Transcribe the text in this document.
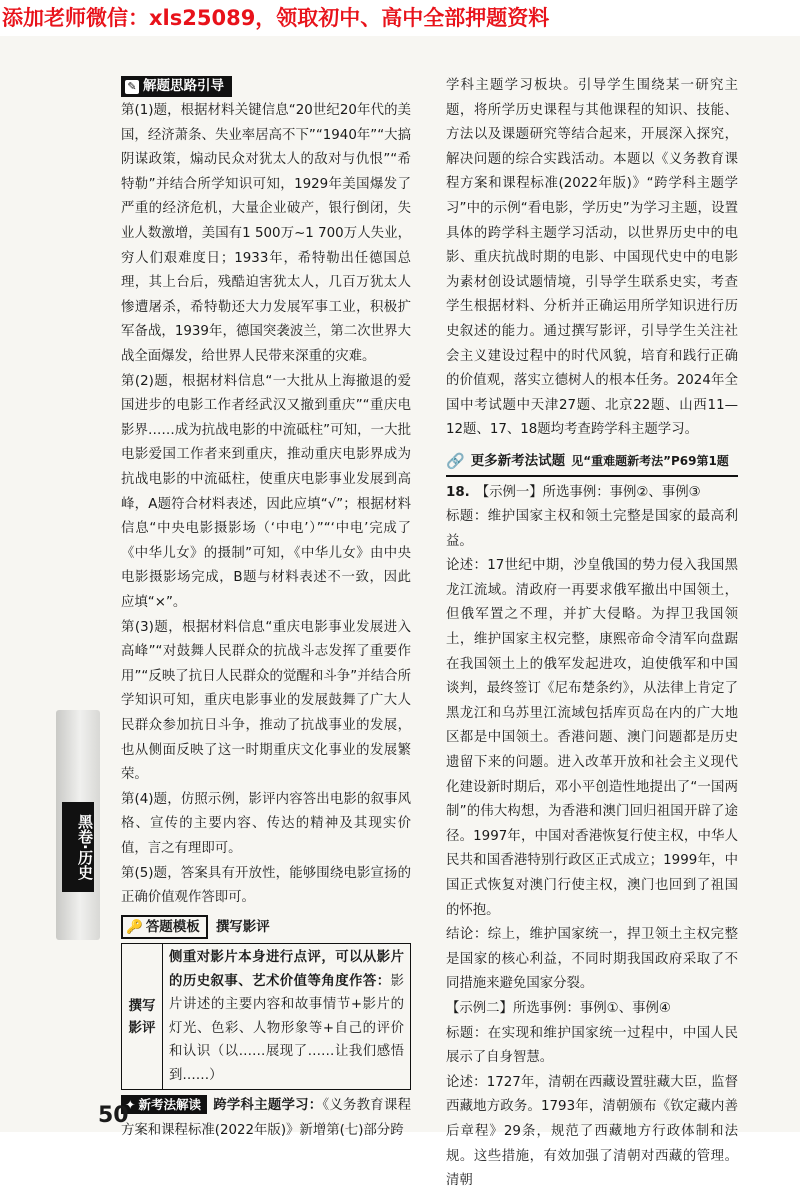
添加老师微信：xls25089，领取初中、高中全部押题资料
✎ 解题思路引导

第(1)题，根据材料关键信息“20世纪20年代的美国，经济萧条、失业率居高不下”“1940年”“大搞阴谋政策，煽动民众对犹太人的敌对与仇恨”“希特勒”并结合所学知识可知，1929年美国爆发了严重的经济危机，大量企业破产，银行倒闭，失业人数激增，美国有1 500万~1 700万人失业，穷人们艰难度日；1933年，希特勒出任德国总理，其上台后，残酷迫害犹太人，几百万犹太人惨遭屠杀，希特勒还大力发展军事工业，积极扩军备战，1939年，德国突袭波兰，第二次世界大战全面爆发，给世界人民带来深重的灾难。

第(2)题，根据材料信息“一大批从上海撤退的爱国进步的电影工作者经武汉又撤到重庆”“重庆电影界……成为抗战电影的中流砥柱”可知，一大批电影爱国工作者来到重庆，推动重庆电影界成为抗战电影的中流砥柱，使重庆电影事业发展到高峰，A题符合材料表述，因此应填“√”；根据材料信息“中央电影摄影场（‘中电’）”“‘中电’完成了《中华儿女》的摄制”可知，《中华儿女》由中央电影摄影场完成，B题与材料表述不一致，因此应填“×”。

第(3)题，根据材料信息“重庆电影事业发展进入高峰”“对鼓舞人民群众的抗战斗志发挥了重要作用”“反映了抗日人民群众的觉醒和斗争”并结合所学知识可知，重庆电影事业的发展鼓舞了广大人民群众参加抗日斗争，推动了抗战事业的发展，也从侧面反映了这一时期重庆文化事业的发展繁荣。

第(4)题，仿照示例，影评内容答出电影的叙事风格、宣传的主要内容、传达的精神及其现实价值，言之有理即可。

第(5)题，答案具有开放性，能够围绕电影宣扬的正确价值观作答即可。

🔑 答题模板 撰写影评
撰写影评
侧重对影片本身进行点评，可以从影片的历史叙事、艺术价值等角度作答：影片讲述的主要内容和故事情节+影片的灯光、色彩、人物形象等+自己的评价和认识（以……展现了……让我们感悟到……）

✦ 新考法解读 跨学科主题学习：《义务教育课程方案和课程标准(2022年版)》新增第(七)部分跨

学科主题学习板块。引导学生围绕某一研究主题，将所学历史课程与其他课程的知识、技能、方法以及课题研究等结合起来，开展深入探究，解决问题的综合实践活动。本题以《义务教育课程方案和课程标准(2022年版)》“跨学科主题学习”中的示例“看电影，学历史”为学习主题，设置具体的跨学科主题学习活动，以世界历史中的电影、重庆抗战时期的电影、中国现代史中的电影为素材创设试题情境，引导学生联系史实，考查学生根据材料、分析并正确运用所学知识进行历史叙述的能力。通过撰写影评，引导学生关注社会主义建设过程中的时代风貌，培育和践行正确的价值观，落实立德树人的根本任务。2024年全国中考试题中天津27题、北京22题、山西11—12题、17、18题均考查跨学科主题学习。

🔗 更多新考法试题 见“重难题新考法”P69第1题

18. 【示例一】所选事例：事例②、事例③

标题：维护国家主权和领土完整是国家的最高利益。

论述：17世纪中期，沙皇俄国的势力侵入我国黑龙江流域。清政府一再要求俄军撤出中国领土，但俄军置之不理，并扩大侵略。为捍卫我国领土，维护国家主权完整，康熙帝命令清军向盘踞在我国领土上的俄军发起进攻，迫使俄军和中国谈判，最终签订《尼布楚条约》，从法律上肯定了黑龙江和乌苏里江流域包括库页岛在内的广大地区都是中国领土。香港问题、澳门问题都是历史遗留下来的问题。进入改革开放和社会主义现代化建设新时期后，邓小平创造性地提出了“一国两制”的伟大构想，为香港和澳门回归祖国开辟了途径。1997年，中国对香港恢复行使主权，中华人民共和国香港特别行政区正式成立；1999年，中国正式恢复对澳门行使主权，澳门也回到了祖国的怀抱。

结论：综上，维护国家统一，捍卫领土主权完整是国家的核心利益，不同时期我国政府采取了不同措施来避免国家分裂。

【示例二】所选事例：事例①、事例④

标题：在实现和维护国家统一过程中，中国人民展示了自身智慧。

论述：1727年，清朝在西藏设置驻藏大臣，监督西藏地方政务。1793年，清朝颁布《钦定藏内善后章程》29条，规范了西藏地方行政体制和法规。这些措施，有效加强了清朝对西藏的管理。清朝

黑卷·历史
50
